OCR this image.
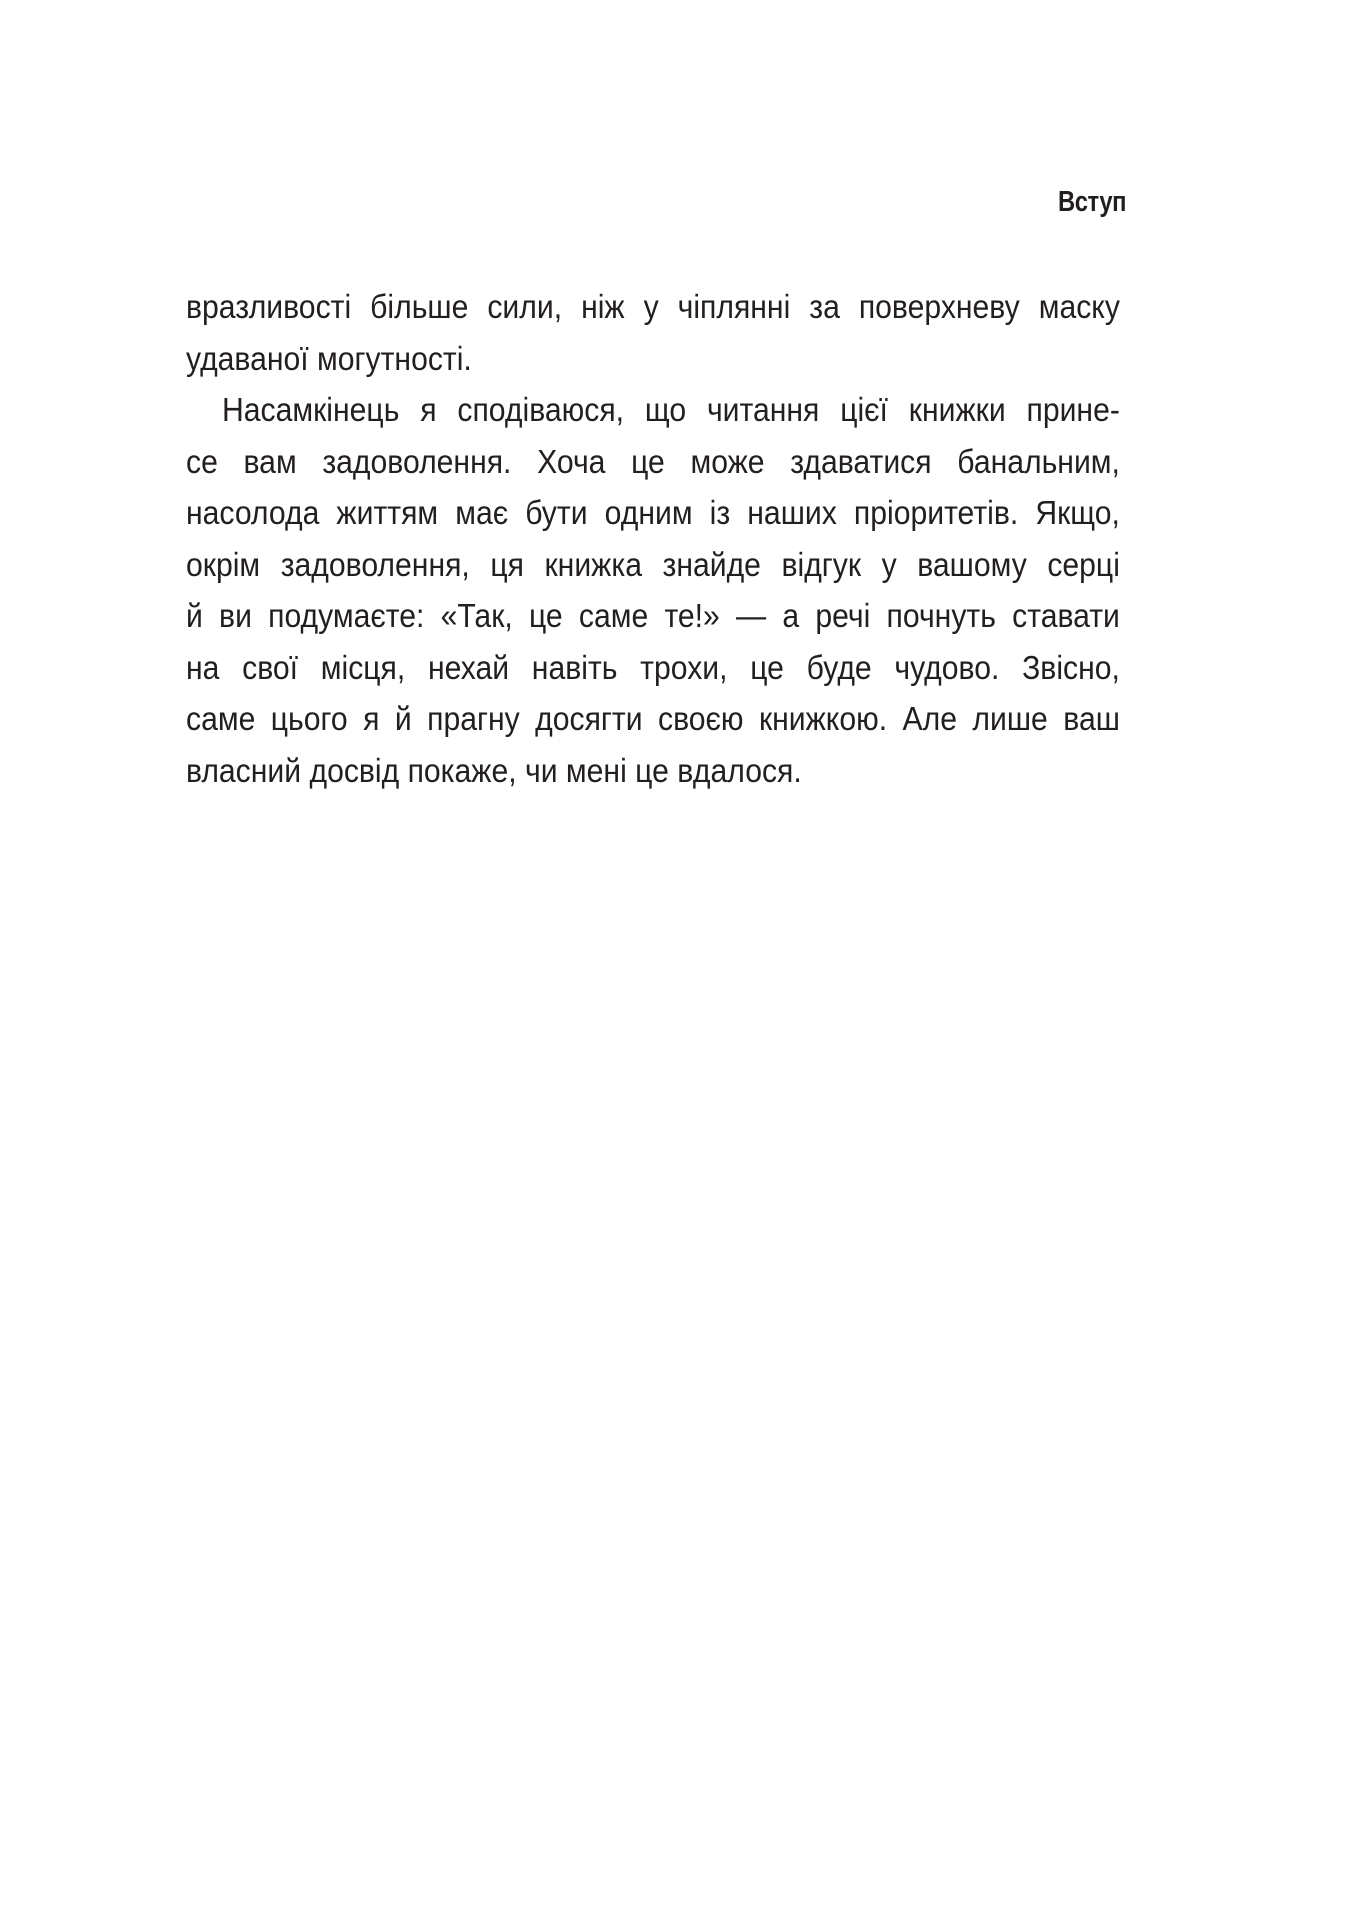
Вступ
вразливості більше сили, ніж у чіплянні за поверхневу маску
удаваної могутності.
Насамкінець я сподіваюся, що читання цієї книжки прине-
се вам задоволення. Хоча це може здаватися банальним,
насолода життям має бути одним із наших пріоритетів. Якщо,
окрім задоволення, ця книжка знайде відгук у вашому серці
й ви подумаєте: «Так, це саме те!» — а речі почнуть ставати
на свої місця, нехай навіть трохи, це буде чудово. Звісно,
саме цього я й прагну досягти своєю книжкою. Але лише ваш
власний досвід покаже, чи мені це вдалося.
